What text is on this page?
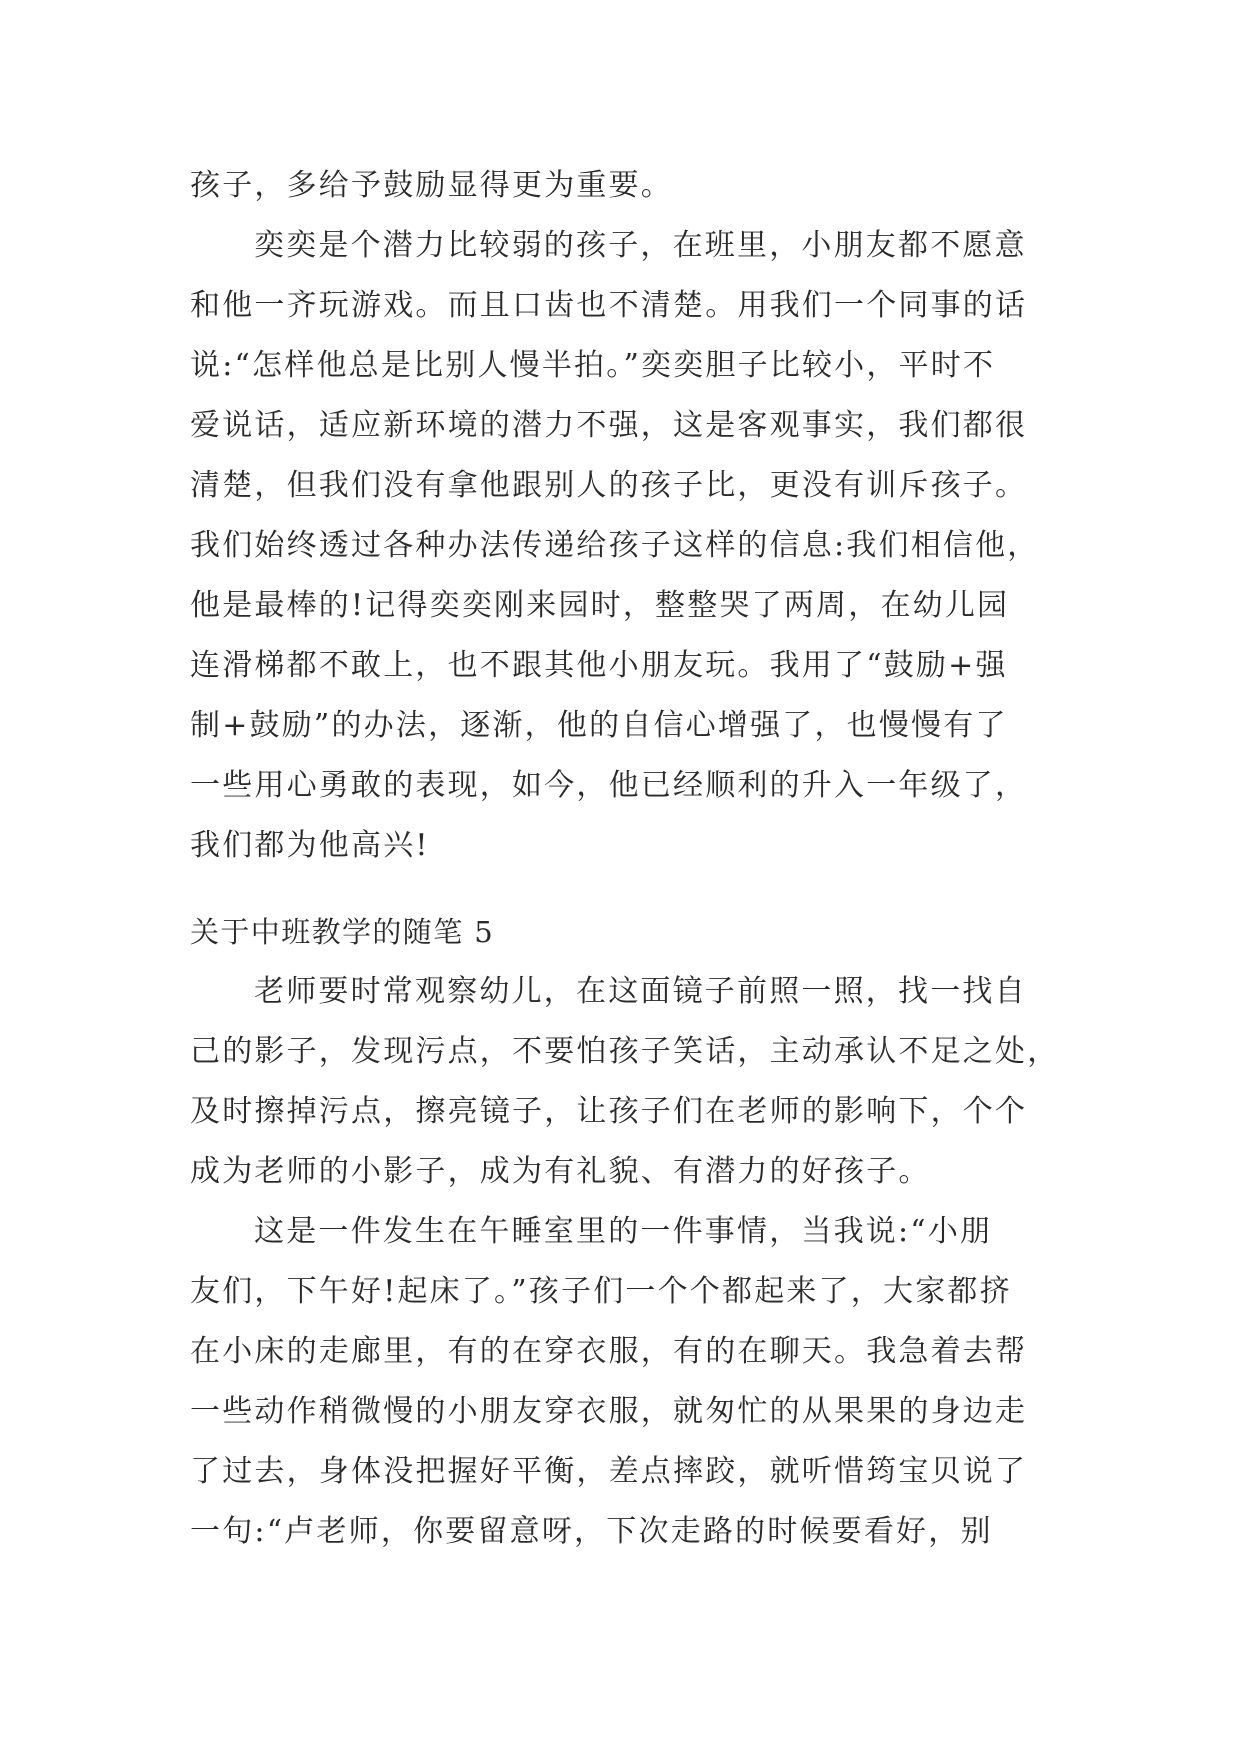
孩子，多给予鼓励显得更为重要。
奕奕是个潜力比较弱的孩子，在班里，小朋友都不愿意
和他一齐玩游戏。而且口齿也不清楚。用我们一个同事的话
说:“怎样他总是比别人慢半拍。”奕奕胆子比较小，平时不
爱说话，适应新环境的潜力不强，这是客观事实，我们都很
清楚，但我们没有拿他跟别人的孩子比，更没有训斥孩子。
我们始终透过各种办法传递给孩子这样的信息:我们相信他，
他是最棒的!记得奕奕刚来园时，整整哭了两周，在幼儿园
连滑梯都不敢上，也不跟其他小朋友玩。我用了“鼓励+强
制+鼓励”的办法，逐渐，他的自信心增强了，也慢慢有了
一些用心勇敢的表现，如今，他已经顺利的升入一年级了，
我们都为他高兴!
关于中班教学的随笔 5
老师要时常观察幼儿，在这面镜子前照一照，找一找自
己的影子，发现污点，不要怕孩子笑话，主动承认不足之处，
及时擦掉污点，擦亮镜子，让孩子们在老师的影响下，个个
成为老师的小影子，成为有礼貌、有潜力的好孩子。
这是一件发生在午睡室里的一件事情，当我说:“小朋
友们，下午好!起床了。”孩子们一个个都起来了，大家都挤
在小床的走廊里，有的在穿衣服，有的在聊天。我急着去帮
一些动作稍微慢的小朋友穿衣服，就匆忙的从果果的身边走
了过去，身体没把握好平衡，差点摔跤，就听惜筠宝贝说了
一句:“卢老师，你要留意呀，下次走路的时候要看好，别
